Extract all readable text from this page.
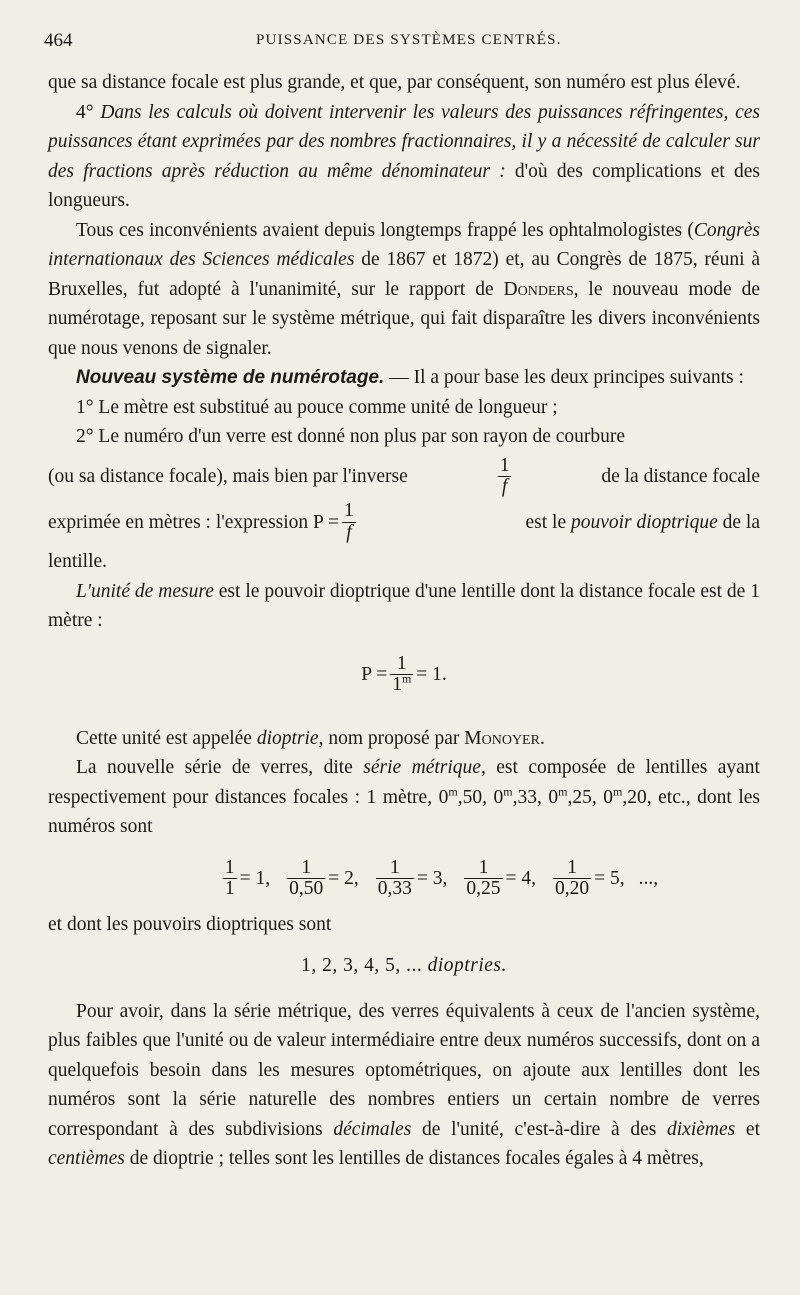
464	PUISSANCE DES SYSTÈMES CENTRÉS.

que sa distance focale est plus grande, et que, par conséquent, son numéro est plus élevé.

4° Dans les calculs où doivent intervenir les valeurs des puissances réfringentes, ces puissances étant exprimées par des nombres fractionnaires, il y a nécessité de calculer sur des fractions après réduction au même dénominateur : d'où des complications et des longueurs.

Tous ces inconvénients avaient depuis longtemps frappé les ophtalmologistes (Congrès internationaux des Sciences médicales de 1867 et 1872) et, au Congrès de 1875, réuni à Bruxelles, fut adopté à l'unanimité, sur le rapport de Donders, le nouveau mode de numérotage, reposant sur le système métrique, qui fait disparaître les divers inconvénients que nous venons de signaler.

Nouveau système de numérotage. — Il a pour base les deux principes suivants :

1° Le mètre est substitué au pouce comme unité de longueur ;

2° Le numéro d'un verre est donné non plus par son rayon de courbure

(ou sa distance focale), mais bien par l'inverse	$\frac{1}{f}$	de la distance focale
exprimée en mètres : l'expression $P = \frac{1}{f}$	est le pouvoir dioptrique de la

lentille.

L'unité de mesure est le pouvoir dioptrique d'une lentille dont la distance focale est de 1 mètre :

$P = \frac{1}{1^m} = 1$.

Cette unité est appelée dioptrie, nom proposé par Monoyer.

La nouvelle série de verres, dite série métrique, est composée de lentilles ayant respectivement pour distances focales : 1 mètre, 0$^m$,50, 0$^m$,33, 0$^m$,25, 0$^m$,20, etc., dont les numéros sont

$\frac{1}{1} = 1$, $\frac{1}{0,50} = 2$, $\frac{1}{0,33} = 3$, $\frac{1}{0,25} = 4$, $\frac{1}{0,20} = 5$, ...,

et dont les pouvoirs dioptriques sont

1, 2, 3, 4, 5, ... dioptries.

Pour avoir, dans la série métrique, des verres équivalents à ceux de l'ancien système, plus faibles que l'unité ou de valeur intermédiaire entre deux numéros successifs, dont on a quelquefois besoin dans les mesures optométriques, on ajoute aux lentilles dont les numéros sont la série naturelle des nombres entiers un certain nombre de verres correspondant à des subdivisions décimales de l'unité, c'est-à-dire à des dixièmes et centièmes de dioptrie ; telles sont les lentilles de distances focales égales à 4 mètres,
